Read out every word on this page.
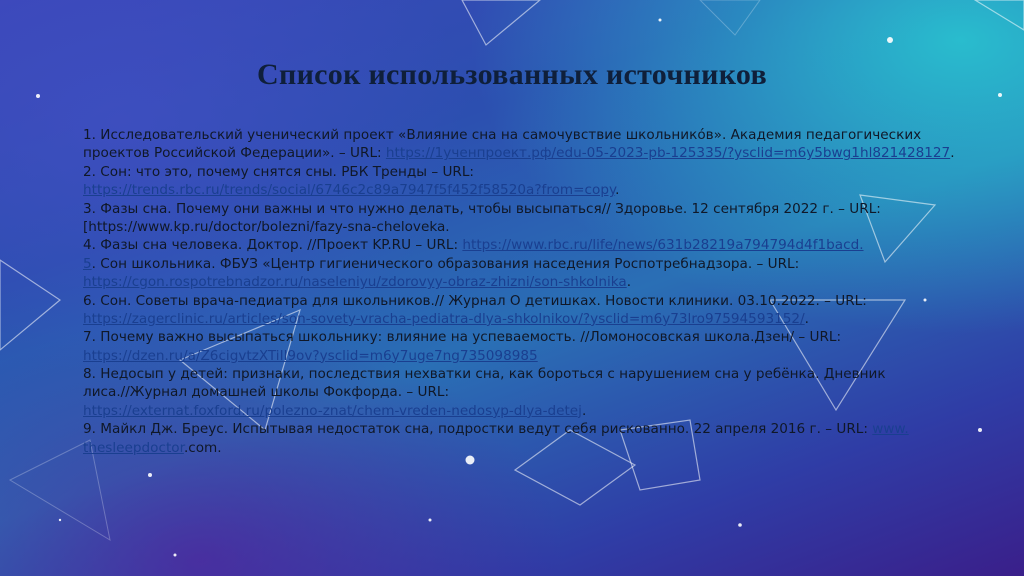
Список использованных источников
1. Исследовательский ученический проект «Влияние сна на самочувствие школьнико́в». Академия педагогических
проектов Российской Федерации». – URL: https://1ученпроект.рф/edu-05-2023-pb-125335/?ysclid=m6y5bwg1hl821428127.
2. Сон: что это, почему снятся сны. РБК Тренды – URL:
https://trends.rbc.ru/trends/social/6746c2c89a7947f5f452f58520a?from=copy.
3. Фазы сна. Почему они важны и что нужно делать, чтобы высыпаться// Здоровье. 12 сентября 2022 г. – URL:
[https://www.kp.ru/doctor/bolezni/fazy-sna-cheloveka.
4. Фазы сна человека. Доктор. //Проект KP.RU – URL: https://www.rbc.ru/life/news/631b28219a794794d4f1bacd.
5. Сон школьника. ФБУЗ «Центр гигиенического образования наседения Роспотребнадзора. – URL:
https://cgon.rospotrebnadzor.ru/naseleniyu/zdorovyy-obraz-zhizni/son-shkolnika.
6. Сон. Советы врача-педиатра для школьников.// Журнал О детишках. Новости клиники. 03.10.2022. – URL:
https://zagerclinic.ru/articles/son-sovety-vracha-pediatra-dlya-shkolnikov/?ysclid=m6y73lro97594593152/.
7. Почему важно высыпаться школьнику: влияние на успеваемость. //Ломоносовская школа.Дзен/ – URL:
https://dzen.ru/a/Z6cigvtzXTiIl9ov?ysclid=m6y7uge7ng735098985
8. Недосып у детей: признаки, последствия нехватки сна, как бороться с нарушением сна у ребёнка. Дневник
лиса.//Журнал домашней школы Фокфорда. – URL:
https://externat.foxford.ru/polezno-znat/chem-vreden-nedosyp-dlya-detej.
9. Майкл Дж. Бреус. Испытывая недостаток сна, подростки ведут себя рискованно. 22 апреля 2016 г. – URL: www.
thesleepdoctor.com.
